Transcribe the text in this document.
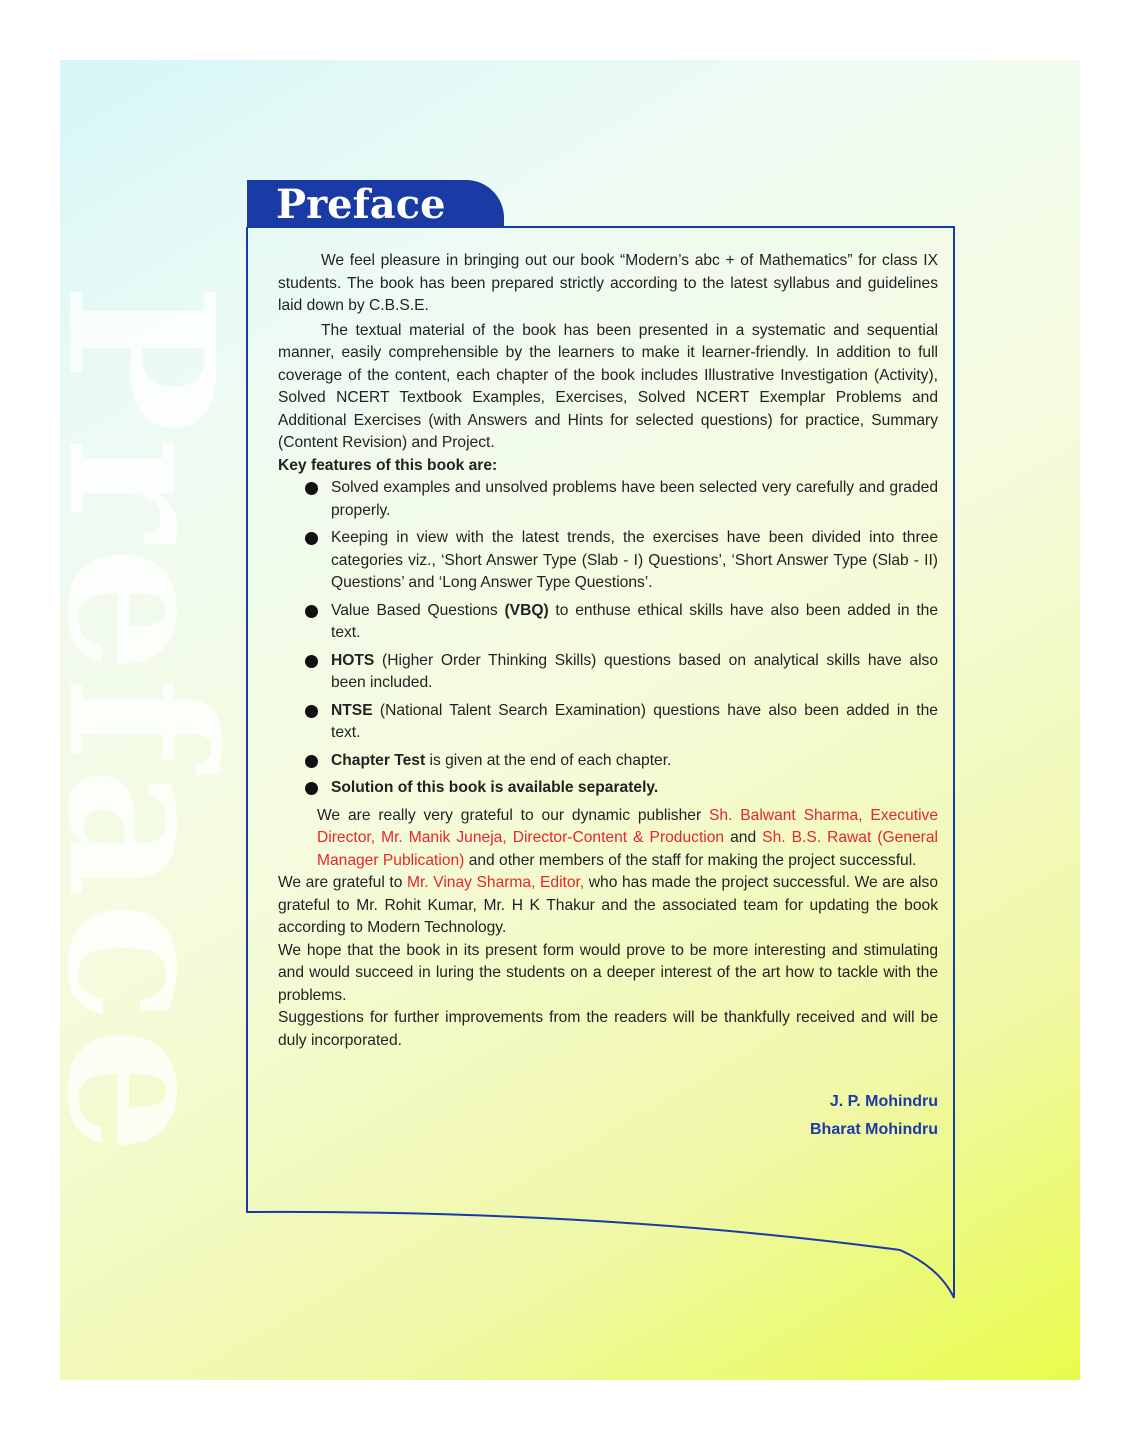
Preface
Preface

We feel pleasure in bringing out our book “Modern’s abc + of Mathematics” for class IX students. The book has been prepared strictly according to the latest syllabus and guidelines laid down by C.B.S.E.

The textual material of the book has been presented in a systematic and sequential manner, easily comprehensible by the learners to make it learner-friendly. In addition to full coverage of the content, each chapter of the book includes Illustrative Investigation (Activity), Solved NCERT Textbook Examples, Exercises, Solved NCERT Exemplar Problems and Additional Exercises (with Answers and Hints for selected questions) for practice, Summary (Content Revision) and Project.

Key features of this book are:

Solved examples and unsolved problems have been selected very carefully and graded properly.
Keeping in view with the latest trends, the exercises have been divided into three categories viz., ‘Short Answer Type (Slab - I) Questions’, ‘Short Answer Type (Slab - II) Questions’ and ‘Long Answer Type Questions’.
Value Based Questions (VBQ) to enthuse ethical skills have also been added in the text.
HOTS (Higher Order Thinking Skills) questions based on analytical skills have also been included.
NTSE (National Talent Search Examination) questions have also been added in the text.
Chapter Test is given at the end of each chapter.
Solution of this book is available separately.

We are really very grateful to our dynamic publisher Sh. Balwant Sharma, Executive Director, Mr. Manik Juneja, Director-Content & Production and Sh. B.S. Rawat (General Manager Publication) and other members of the staff for making the project successful.

We are grateful to Mr. Vinay Sharma, Editor, who has made the project successful. We are also grateful to Mr. Rohit Kumar, Mr. H K Thakur and the associated team for updating the book according to Modern Technology.

We hope that the book in its present form would prove to be more interesting and stimulating and would succeed in luring the students on a deeper interest of the art how to tackle with the problems.

Suggestions for further improvements from the readers will be thankfully received and will be duly incorporated.

J. P. Mohindru
Bharat Mohindru
